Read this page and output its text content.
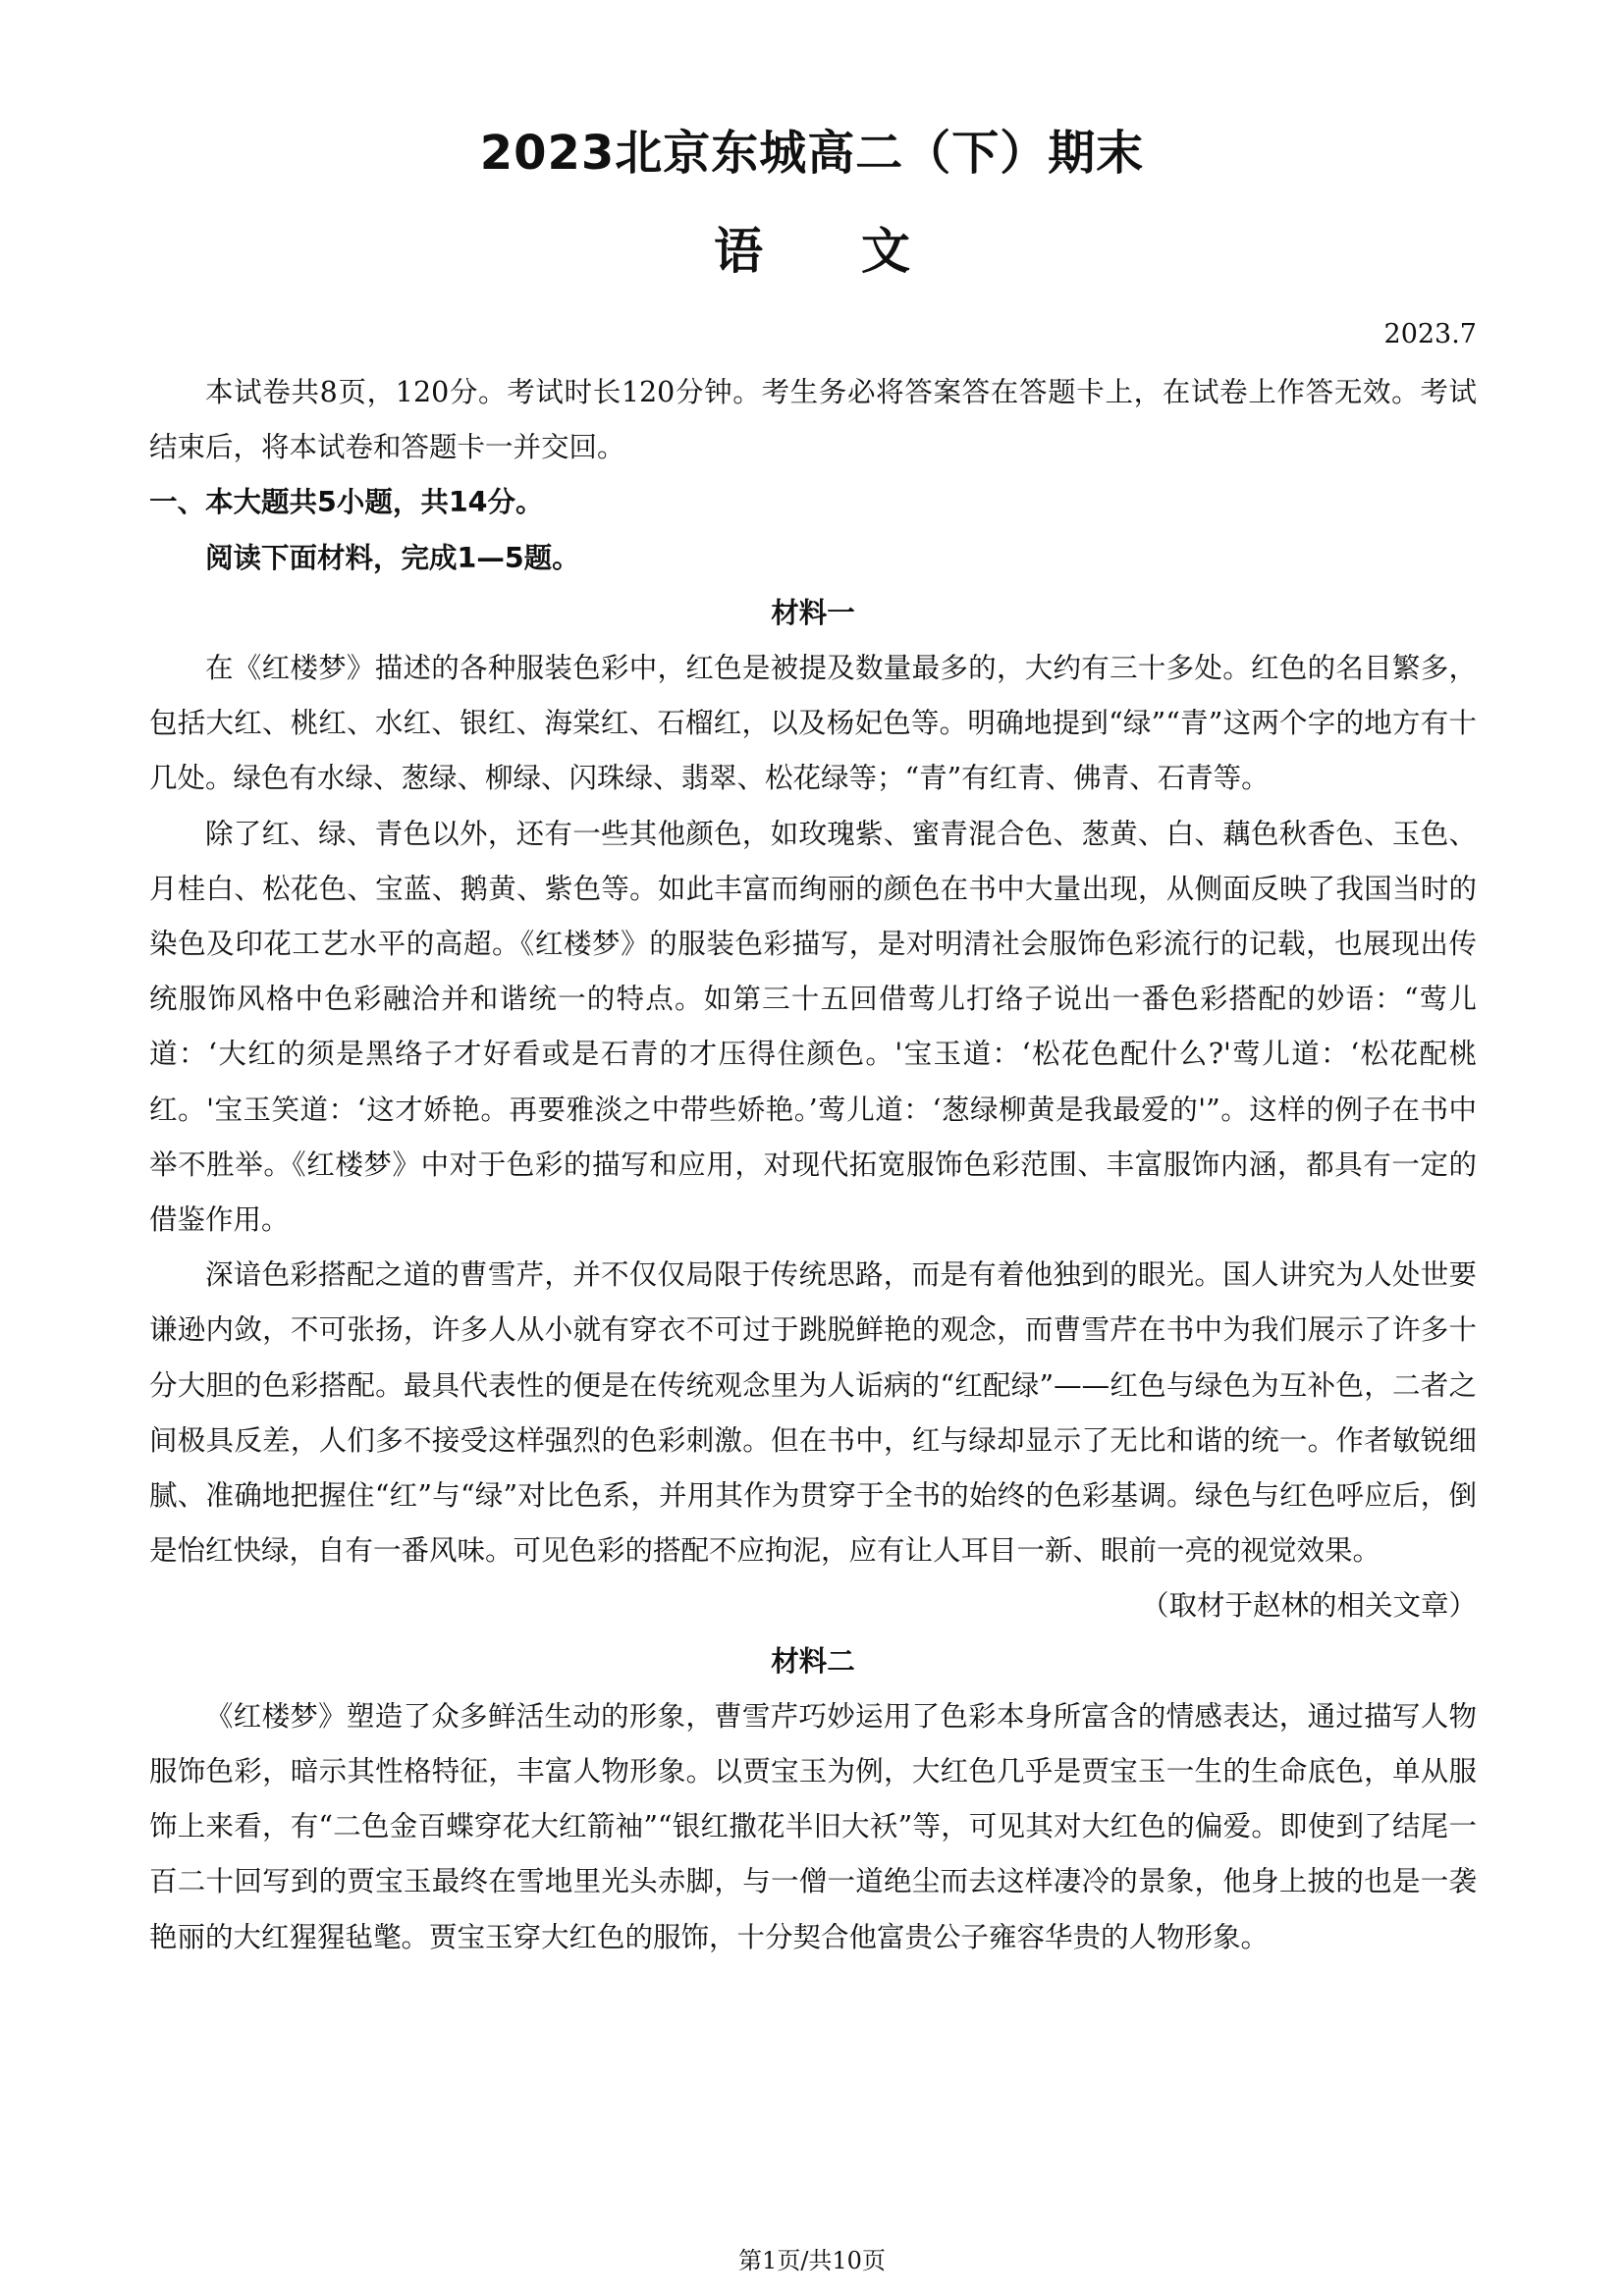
2023北京东城高二（下）期末
语　　文
2023.7

本试卷共8页，120分。考试时长120分钟。考生务必将答案答在答题卡上，在试卷上作答无效。考试结束后，将本试卷和答题卡一并交回。

一、本大题共5小题，共14分。

阅读下面材料，完成1—5题。

材料一

在《红楼梦》描述的各种服装色彩中，红色是被提及数量最多的，大约有三十多处。红色的名目繁多，包括大红、桃红、水红、银红、海棠红、石榴红，以及杨妃色等。明确地提到“绿”“青”这两个字的地方有十几处。绿色有水绿、葱绿、柳绿、闪珠绿、翡翠、松花绿等；“青”有红青、佛青、石青等。

除了红、绿、青色以外，还有一些其他颜色，如玫瑰紫、蜜青混合色、葱黄、白、藕色秋香色、玉色、月桂白、松花色、宝蓝、鹅黄、紫色等。如此丰富而绚丽的颜色在书中大量出现，从侧面反映了我国当时的染色及印花工艺水平的高超。《红楼梦》的服装色彩描写，是对明清社会服饰色彩流行的记载，也展现出传统服饰风格中色彩融洽并和谐统一的特点。如第三十五回借莺儿打络子说出一番色彩搭配的妙语：“莺儿道：‘大红的须是黑络子才好看或是石青的才压得住颜色。'宝玉道：‘松花色配什么?'莺儿道：‘松花配桃红。'宝玉笑道：‘这才娇艳。再要雅淡之中带些娇艳。’莺儿道：‘葱绿柳黄是我最爱的'”。这样的例子在书中举不胜举。《红楼梦》中对于色彩的描写和应用，对现代拓宽服饰色彩范围、丰富服饰内涵，都具有一定的借鉴作用。

深谙色彩搭配之道的曹雪芹，并不仅仅局限于传统思路，而是有着他独到的眼光。国人讲究为人处世要谦逊内敛，不可张扬，许多人从小就有穿衣不可过于跳脱鲜艳的观念，而曹雪芹在书中为我们展示了许多十分大胆的色彩搭配。最具代表性的便是在传统观念里为人诟病的“红配绿”——红色与绿色为互补色，二者之间极具反差，人们多不接受这样强烈的色彩刺激。但在书中，红与绿却显示了无比和谐的统一。作者敏锐细腻、准确地把握住“红”与“绿”对比色系，并用其作为贯穿于全书的始终的色彩基调。绿色与红色呼应后，倒是怡红快绿，自有一番风味。可见色彩的搭配不应拘泥，应有让人耳目一新、眼前一亮的视觉效果。

（取材于赵林的相关文章）

材料二

《红楼梦》塑造了众多鲜活生动的形象，曹雪芹巧妙运用了色彩本身所富含的情感表达，通过描写人物服饰色彩，暗示其性格特征，丰富人物形象。以贾宝玉为例，大红色几乎是贾宝玉一生的生命底色，单从服饰上来看，有“二色金百蝶穿花大红箭袖”“银红撒花半旧大袄”等，可见其对大红色的偏爱。即使到了结尾一百二十回写到的贾宝玉最终在雪地里光头赤脚，与一僧一道绝尘而去这样凄冷的景象，他身上披的也是一袭艳丽的大红猩猩毡氅。贾宝玉穿大红色的服饰，十分契合他富贵公子雍容华贵的人物形象。

第1页/共10页
